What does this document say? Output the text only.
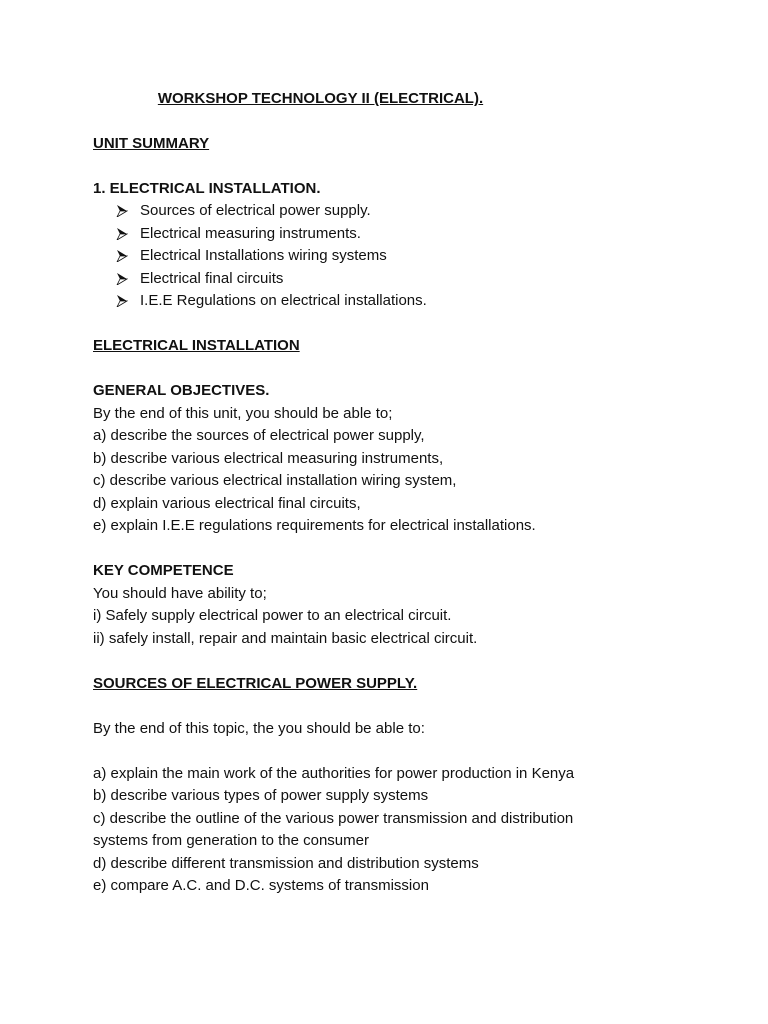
WORKSHOP TECHNOLOGY II (ELECTRICAL).
UNIT SUMMARY
1. ELECTRICAL INSTALLATION.
Sources of electrical power supply.
Electrical measuring instruments.
Electrical Installations wiring systems
Electrical final circuits
I.E.E Regulations on electrical installations.
ELECTRICAL INSTALLATION
GENERAL OBJECTIVES.
By the end of this unit, you should be able to;
a) describe the sources of electrical power supply,
b) describe various electrical measuring instruments,
c) describe various electrical installation wiring system,
d) explain various electrical final circuits,
e) explain I.E.E regulations requirements for electrical installations.
KEY COMPETENCE
You should have ability to;
i) Safely supply electrical power to an electrical circuit.
ii) safely install, repair and maintain basic electrical circuit.
SOURCES OF ELECTRICAL POWER SUPPLY.
By the end of this topic, the you should be able to:
a) explain the main work of the authorities for power production in Kenya
b) describe various types of power supply systems
c) describe the outline of the various power transmission and distribution
systems from generation to the consumer
d) describe different transmission and distribution systems
e) compare A.C. and D.C. systems of transmission
